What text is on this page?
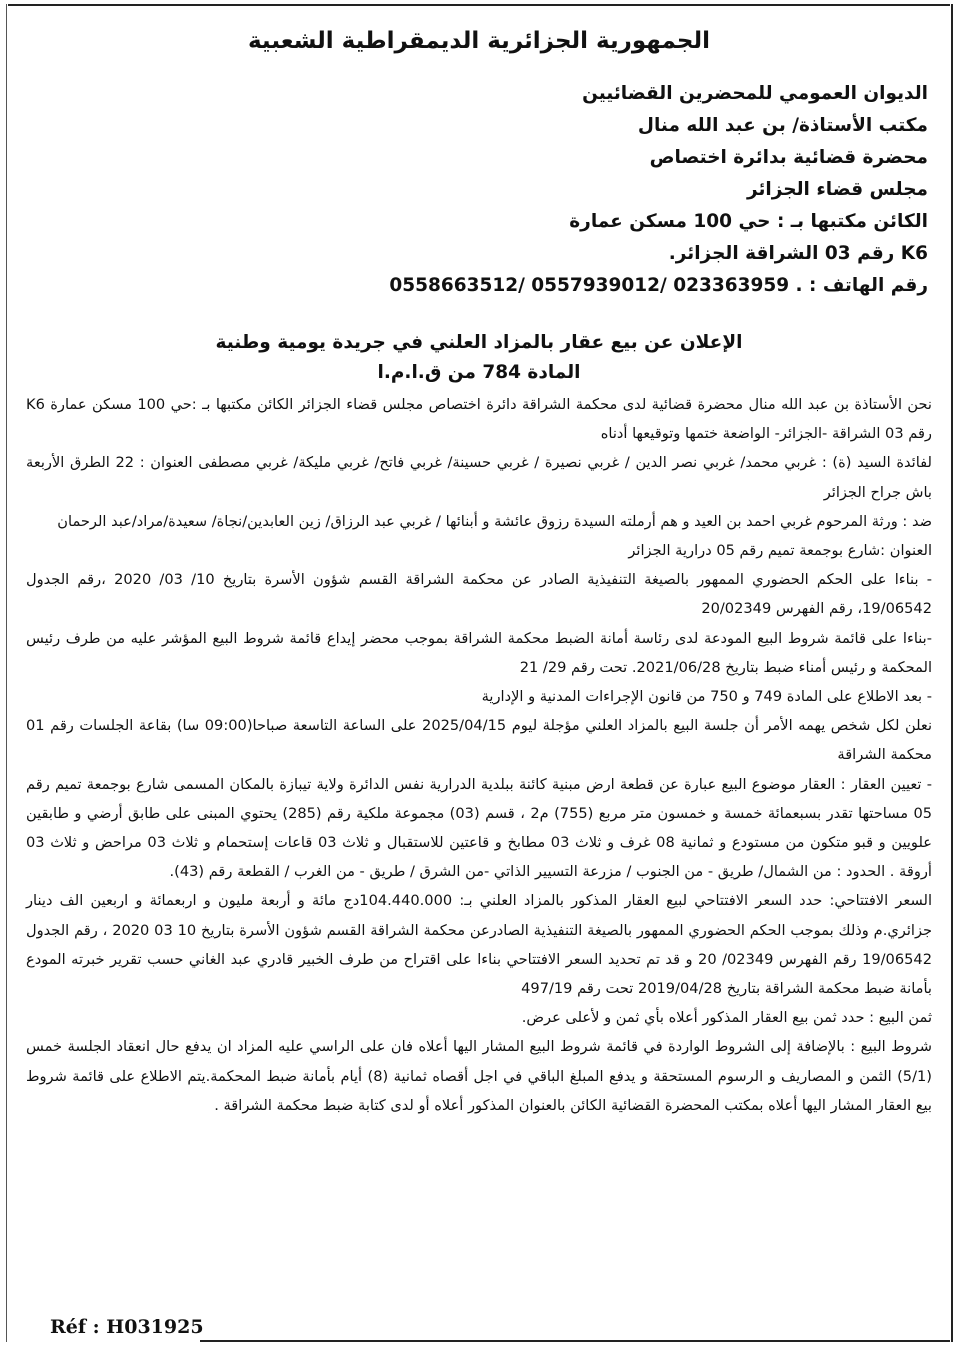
الجمهورية الجزائرية الديمقراطية الشعبية
الديوان العمومي للمحضرين القضائيين
مكتب الأستاذة/ بن عبد الله منال
محضرة قضائية بدائرة اختصاص
مجلس قضاء الجزائر
الكائن مكتبها بـ : حي 100 مسكن عمارة
K6 رقم 03 الشراقة الجزائر.
رقم الهاتف : 0558663512/ 0557939012/ 023363959 .
الإعلان عن بيع عقار بالمزاد العلني في جريدة يومية وطنية
المادة 784 من ق.ا.م.ا

نحن الأستاذة بن عبد الله منال محضرة قضائية لدى محكمة الشراقة دائرة اختصاص مجلس قضاء الجزائر الكائن مكتبها بـ :حي 100 مسكن عمارة K6 رقم 03 الشراقة -الجزائر- الواضعة ختمها وتوقيعها أدناه

لفائدة السيد (ة) : غربي محمد/ غربي نصر الدين / غربي نصيرة / غربي حسينة/ غربي فاتح/ غربي مليكة/ غربي مصطفى العنوان : 22 الطرق الأربعة باش جراح الجزائر

ضد : ورثة المرحوم غربي احمد بن العيد و هم أرملته السيدة رزوق عائشة و أبنائها / غربي عبد الرزاق/ زين العابدين/نجاة/ سعيدة/مراد/عبد الرحمان

العنوان :شارع بوجمعة تميم رقم 05 درارية الجزائر

- بناءا على الحكم الحضوري الممهور بالصيغة التنفيذية الصادر عن محكمة الشراقة القسم شؤون الأسرة بتاريخ 10/ 03/ 2020 ،رقم الجدول 19/06542، رقم الفهرس 20/02349

-بناءا على قائمة شروط البيع المودعة لدى رئاسة أمانة الضبط محكمة الشراقة بموجب محضر إيداع قائمة شروط البيع المؤشر عليه من طرف رئيس المحكمة و رئيس أمناء ضبط بتاريخ 2021/06/28. تحت رقم 29/ 21

- بعد الاطلاع على المادة 749 و 750 من قانون الإجراءات المدنية و الإدارية

نعلن لكل شخص يهمه الأمر أن جلسة البيع بالمزاد العلني مؤجلة ليوم 2025/04/15 على الساعة التاسعة صباحا(09:00 سا) بقاعة الجلسات رقم 01 محكمة الشراقة

- تعيين العقار : العقار موضوع البيع عبارة عن قطعة ارض مبنية كائنة ببلدية الدرارية نفس الدائرة ولاية تيبازة بالمكان المسمى شارع بوجمعة تميم رقم 05 مساحتها تقدر بسبعمائة خمسة و خمسون متر مربع (755) م2 ، قسم (03) مجموعة ملكية رقم (285) يحتوي المبنى على طابق أرضي و طابقين علويين و قبو متكون من مستودع و ثمانية 08 غرف و ثلاث 03 مطابخ و قاعتين للاستقبال و ثلاث 03 قاعات إستحمام و ثلاث 03 مراحض و ثلاث 03 أروقة . الحدود : من الشمال/ طريق - من الجنوب / مزرعة التسيير الذاتي -من الشرق / طريق - من الغرب / القطعة رقم (43).

السعر الافتتاحي: حدد السعر الافتتاحي لبيع العقار المذكور بالمزاد العلني بـ: 104.440.000دج مائة و أربعة مليون و اربعمائة و اربعين الف دينار جزائري.م وذلك بموجب الحكم الحضوري الممهور بالصيغة التنفيذية الصادرعن محكمة الشراقة القسم شؤون الأسرة بتاريخ 10 03 2020 ، رقم الجدول 19/06542 رقم الفهرس 02349/ 20 و قد تم تحديد السعر الافتتاحي بناءا على اقتراح من طرف الخبير قادري عبد الغاني حسب تقرير خبرته المودع بأمانة ضبط محكمة الشراقة بتاريخ 2019/04/28 تحت رقم 497/19

ثمن البيع : حدد ثمن بيع العقار المذكور أعلاه بأي ثمن و لأعلى عرض.

شروط البيع : بالإضافة إلى الشروط الواردة في قائمة شروط البيع المشار اليها أعلاه فان على الراسي عليه المزاد ان يدفع حال انعقاد الجلسة خمس (5/1) الثمن و المصاريف و الرسوم المستحقة و يدفع المبلغ الباقي في اجل أقصاه ثمانية (8) أيام بأمانة ضبط المحكمة.يتم الاطلاع على قائمة شروط بيع العقار المشار اليها أعلاه بمكتب المحضرة القضائية الكائن بالعنوان المذكور أعلاه أو لدى كتابة ضبط محكمة الشراقة .

Réf : H031925
